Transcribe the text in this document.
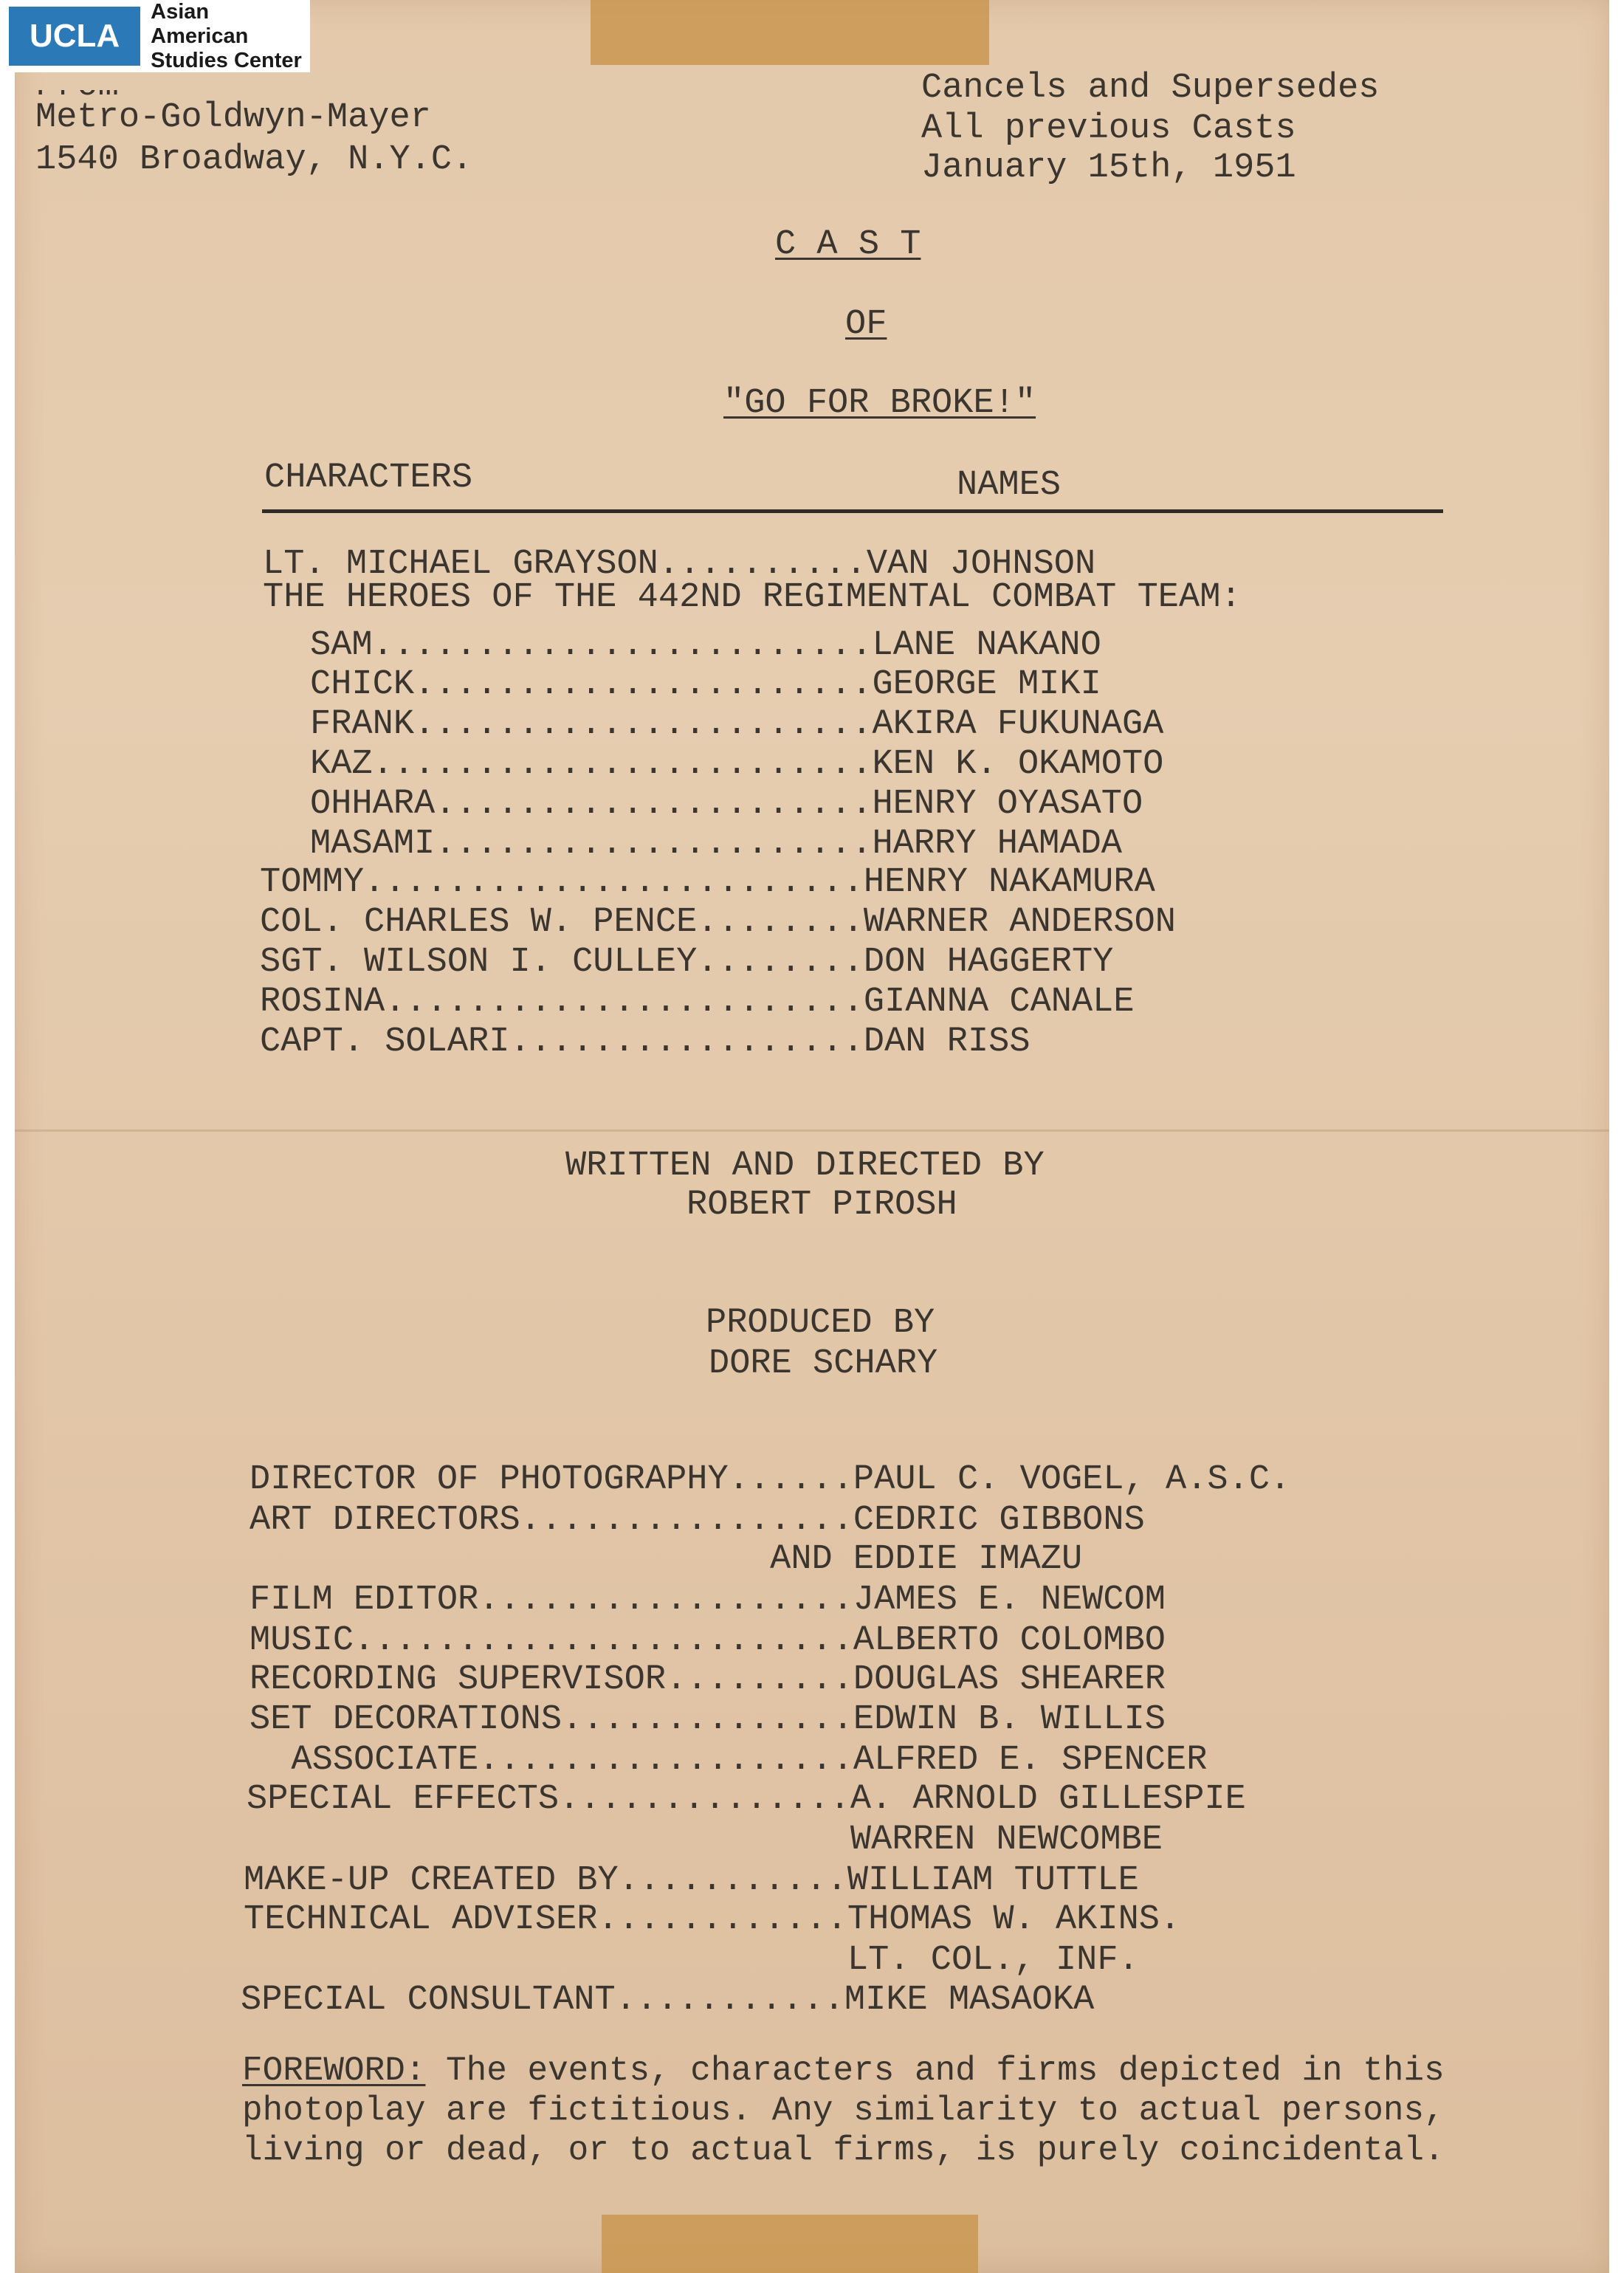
UCLA
Asian American
Studies Center
Metro-Goldwyn-Mayer
1540 Broadway, N.Y.C.
Cancels and Supersedes
All previous Casts
January 15th, 1951
C A S T
OF
"GO FOR BROKE!"
CHARACTERS	NAMES
LT. MICHAEL GRAYSON..........VAN JOHNSON
THE HEROES OF THE 442ND REGIMENTAL COMBAT TEAM:
SAM........................LANE NAKANO
CHICK......................GEORGE MIKI
FRANK......................AKIRA FUKUNAGA
KAZ........................KEN K. OKAMOTO
OHHARA.....................HENRY OYASATO
MASAMI.....................HARRY HAMADA
TOMMY........................HENRY NAKAMURA
COL. CHARLES W. PENCE........WARNER ANDERSON
SGT. WILSON I. CULLEY........DON HAGGERTY
ROSINA.......................GIANNA CANALE
CAPT. SOLARI.................DAN RISS
WRITTEN AND DIRECTED BY
ROBERT PIROSH
PRODUCED BY
DORE SCHARY
DIRECTOR OF PHOTOGRAPHY......PAUL C. VOGEL, A.S.C.
ART DIRECTORS................CEDRIC GIBBONS
AND EDDIE IMAZU
FILM EDITOR..................JAMES E. NEWCOM
MUSIC........................ALBERTO COLOMBO
RECORDING SUPERVISOR.........DOUGLAS SHEARER
SET DECORATIONS..............EDWIN B. WILLIS
ASSOCIATE..................ALFRED E. SPENCER
SPECIAL EFFECTS..............A. ARNOLD GILLESPIE
WARREN NEWCOMBE
MAKE-UP CREATED BY...........WILLIAM TUTTLE
TECHNICAL ADVISER............THOMAS W. AKINS.
LT. COL., INF.
SPECIAL CONSULTANT...........MIKE MASAOKA
FOREWORD: The events, characters and firms depicted in this photoplay are fictitious. Any similarity to actual persons, living or dead, or to actual firms, is purely coincidental.
